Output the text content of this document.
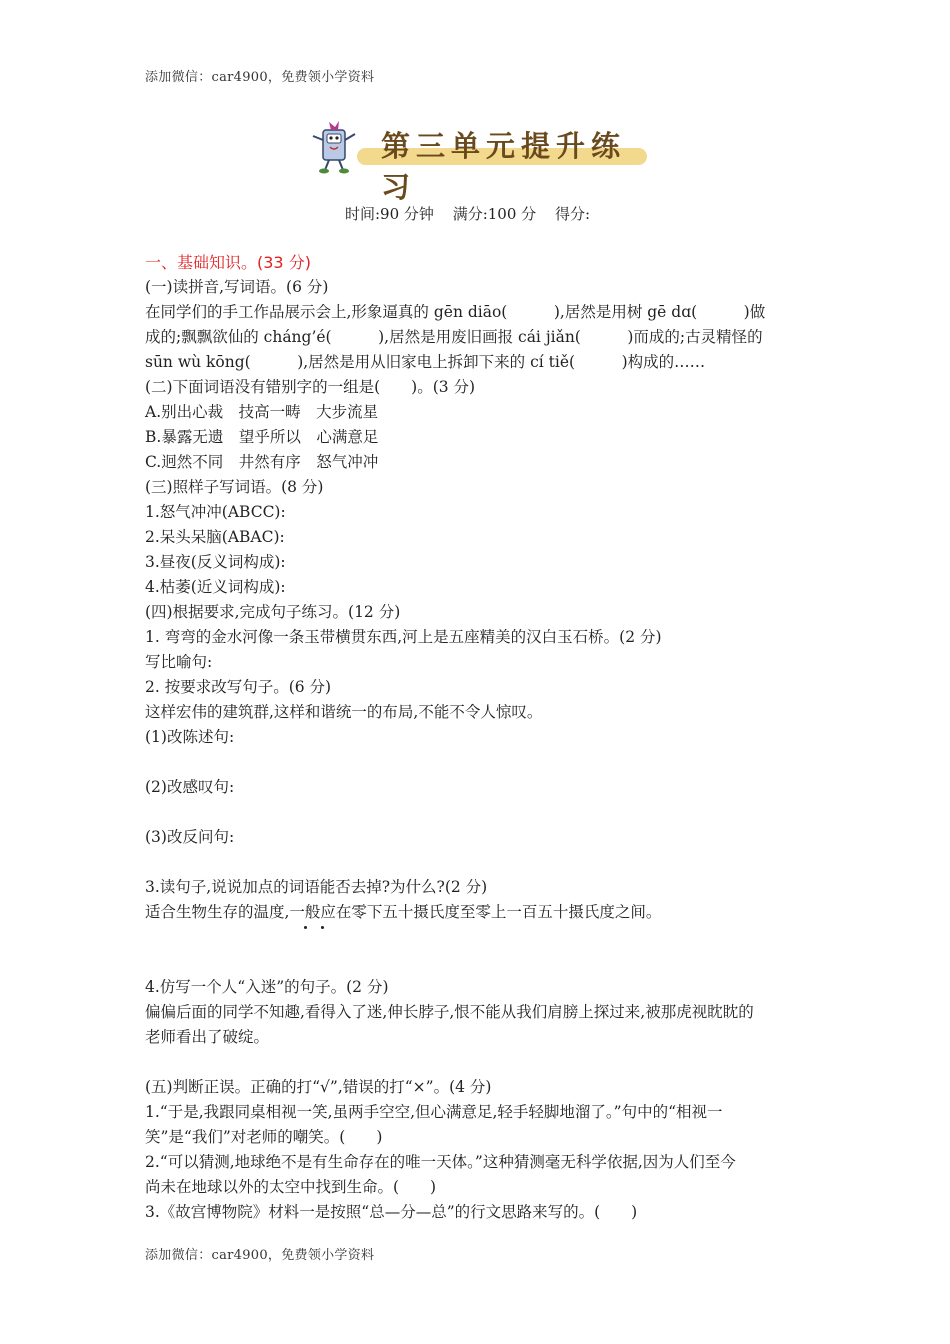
添加微信：car4900，免费领小学资料
第三单元提升练习
时间:90 分钟 满分:100 分 得分:
一、基础知识。(33 分)
(一)读拼音,写词语。(6 分)
在同学们的手工作品展示会上,形象逼真的 gēn diāo(　　　),居然是用树 gē dɑ(　　　)做
成的;飘飘欲仙的 cháng’é(　　　),居然是用废旧画报 cái jiǎn(　　　)而成的;古灵精怪的
sūn wù kōng(　　　),居然是用从旧家电上拆卸下来的 cí tiě(　　　)构成的……
(二)下面词语没有错别字的一组是(　　)。(3 分)
A.别出心裁　技高一畴　大步流星
B.暴露无遗　望乎所以　心满意足
C.迥然不同　井然有序　怒气冲冲
(三)照样子写词语。(8 分)
1.怒气冲冲(ABCC):
2.呆头呆脑(ABAC):
3.昼夜(反义词构成):
4.枯萎(近义词构成):
(四)根据要求,完成句子练习。(12 分)
1. 弯弯的金水河像一条玉带横贯东西,河上是五座精美的汉白玉石桥。(2 分)
写比喻句:
2. 按要求改写句子。(6 分)
这样宏伟的建筑群,这样和谐统一的布局,不能不令人惊叹。
(1)改陈述句:
(2)改感叹句:
(3)改反问句:
3.读句子,说说加点的词语能否去掉?为什么?(2 分)
适合生物生存的温度,一般应在零下五十摄氏度至零上一百五十摄氏度之间。
4.仿写一个人“入迷”的句子。(2 分)
偏偏后面的同学不知趣,看得入了迷,伸长脖子,恨不能从我们肩膀上探过来,被那虎视眈眈的
老师看出了破绽。
(五)判断正误。正确的打“√”,错误的打“×”。(4 分)
1.“于是,我跟同桌相视一笑,虽两手空空,但心满意足,轻手轻脚地溜了。”句中的“相视一
笑”是“我们”对老师的嘲笑。(　　)
2.“可以猜测,地球绝不是有生命存在的唯一天体。”这种猜测毫无科学依据,因为人们至今
尚未在地球以外的太空中找到生命。(　　)
3.《故宫博物院》材料一是按照“总—分—总”的行文思路来写的。(　　)
添加微信：car4900，免费领小学资料
